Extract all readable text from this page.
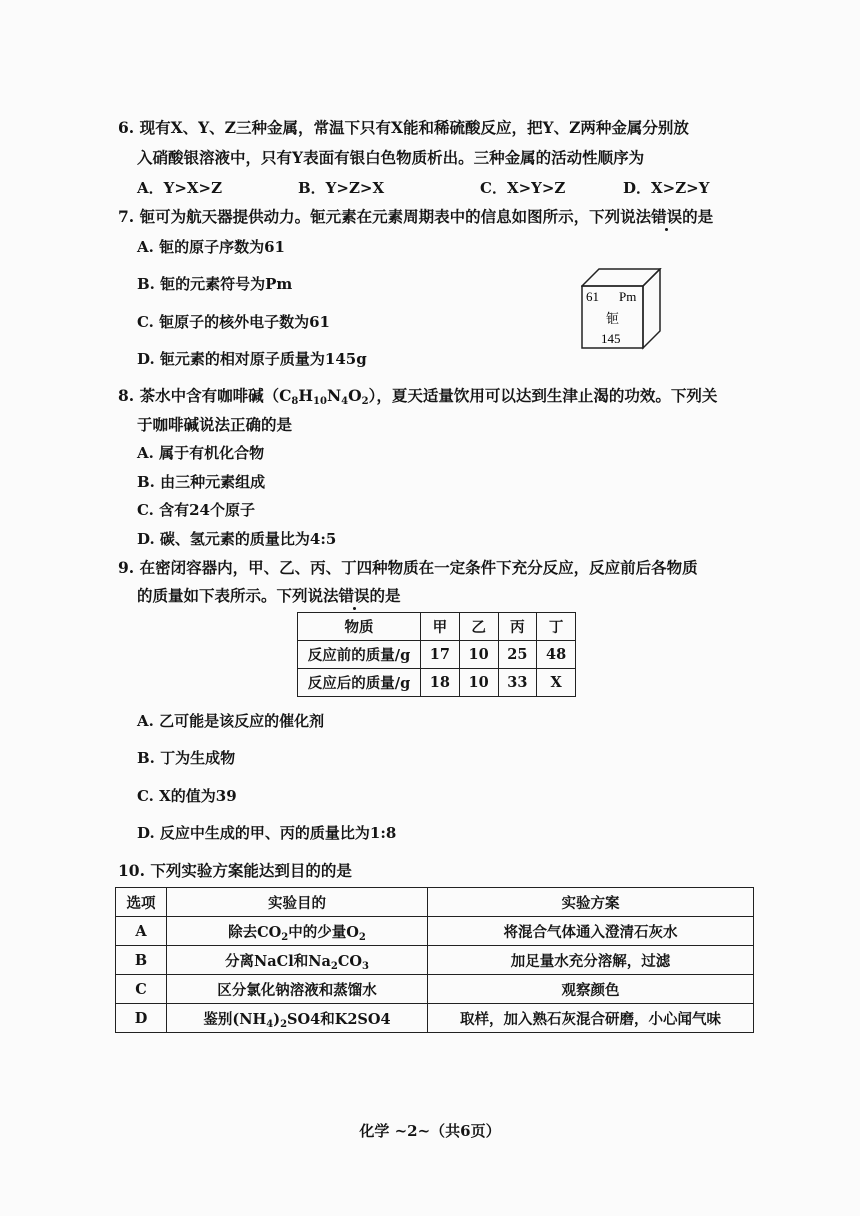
6. 现有X、Y、Z三种金属，常温下只有X能和稀硫酸反应，把Y、Z两种金属分别放
入硝酸银溶液中，只有Y表面有银白色物质析出。三种金属的活动性顺序为
A．Y>X>Z	B．Y>Z>X	C．X>Y>Z	D．X>Z>Y
7. 钷可为航天器提供动力。钷元素在元素周期表中的信息如图所示，下列说法错误的是
A. 钷的原子序数为61
B. 钷的元素符号为Pm
C. 钷原子的核外电子数为61
D. 钷元素的相对原子质量为145g
61 Pm
钷
145
8. 茶水中含有咖啡碱$(C_8H_{10}N_4O_2)$，夏天适量饮用可以达到生津止渴的功效。下列关
于咖啡碱说法正确的是
A. 属于有机化合物
B. 由三种元素组成
C. 含有24个原子
D. 碳、氢元素的质量比为4:5
9. 在密闭容器内，甲、乙、丙、丁四种物质在一定条件下充分反应，反应前后各物质
的质量如下表所示。下列说法错误的是
物质	甲	乙	丙	丁
反应前的质量/g	17	10	25	48
反应后的质量/g	18	10	33	X
A. 乙可能是该反应的催化剂
B. 丁为生成物
C. X的值为39
D. 反应中生成的甲、丙的质量比为1:8
10. 下列实验方案能达到目的的是
选项	实验目的	实验方案
A	除去$CO_2$中的少量$O_2$	将混合气体通入澄清石灰水
B	分离NaCl和$Na_2CO_3$	加足量水充分溶解，过滤
C	区分氯化钠溶液和蒸馏水	观察颜色
D	鉴别$(NH_4)_2SO4$和K2SO4	取样，加入熟石灰混合研磨，小心闻气味
化学 ~2~（共6页）
